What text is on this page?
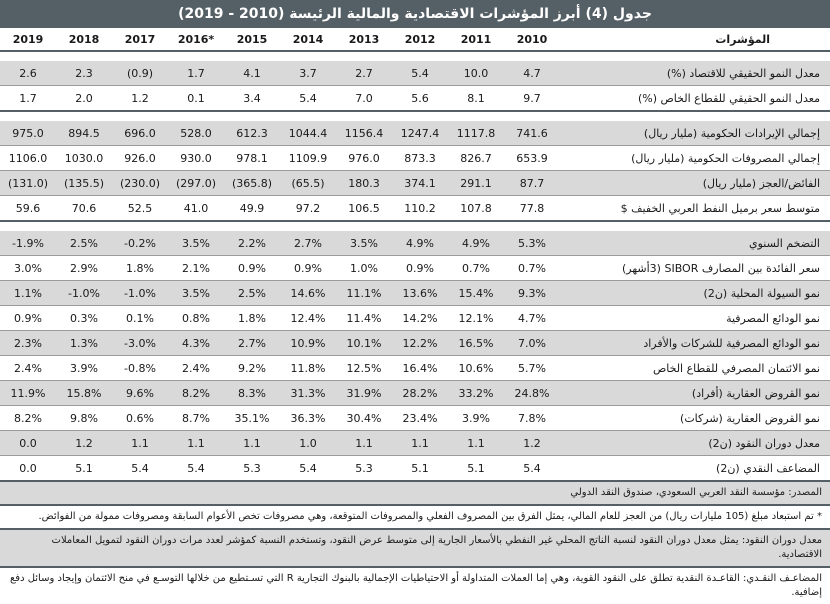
جدول (4) أبرز المؤشرات الاقتصادية والمالية الرئيسة (2010 - 2019)
2019	2018	2017	2016*	2015	2014	2013	2012	2011	2010	المؤشرات

2.6	2.3	(0.9)	1.7	4.1	3.7	2.7	5.4	10.0	4.7	معدل النمو الحقيقي للاقتصاد (%)
1.7	2.0	1.2	0.1	3.4	5.4	7.0	5.6	8.1	9.7	معدل النمو الحقيقي للقطاع الخاص (%)

975.0	894.5	696.0	528.0	612.3	1044.4	1156.4	1247.4	1117.8	741.6	إجمالي الإيرادات الحكومية (مليار ريال)
1106.0	1030.0	926.0	930.0	978.1	1109.9	976.0	873.3	826.7	653.9	إجمالي المصروفات الحكومية (مليار ريال)
(131.0)	(135.5)	(230.0)	(297.0)	(365.8)	(65.5)	180.3	374.1	291.1	87.7	الفائض/العجز (مليار ريال)
59.6	70.6	52.5	41.0	49.9	97.2	106.5	110.2	107.8	77.8	متوسط سعر برميل النفط العربي الخفيف $

-1.9%	2.5%	-0.2%	3.5%	2.2%	2.7%	3.5%	4.9%	4.9%	5.3%	التضخم السنوي
3.0%	2.9%	1.8%	2.1%	0.9%	0.9%	1.0%	0.9%	0.7%	0.7%	سعر الفائدة بين المصارف SIBOR (3أشهر)
1.1%	-1.0%	-1.0%	3.5%	2.5%	14.6%	11.1%	13.6%	15.4%	9.3%	نمو السيولة المحلية (ن2)
0.9%	0.3%	0.1%	0.8%	1.8%	12.4%	11.4%	14.2%	12.1%	4.7%	نمو الودائع المصرفية
2.3%	1.3%	-3.0%	4.3%	2.7%	10.9%	10.1%	12.2%	16.5%	7.0%	نمو الودائع المصرفية للشركات والأفراد
2.4%	3.9%	-0.8%	2.4%	9.2%	11.8%	12.5%	16.4%	10.6%	5.7%	نمو الائتمان المصرفي للقطاع الخاص
11.9%	15.8%	9.6%	8.2%	8.3%	31.3%	31.9%	28.2%	33.2%	24.8%	نمو القروض العقارية (أفراد)
8.2%	9.8%	0.6%	8.7%	35.1%	36.3%	30.4%	23.4%	3.9%	7.8%	نمو القروض العقارية (شركات)
0.0	1.2	1.1	1.1	1.1	1.0	1.1	1.1	1.1	1.2	معدل دوران النقود (ن2)
0.0	5.1	5.4	5.4	5.3	5.4	5.3	5.1	5.1	5.4	المضاعف النقدي (ن2)
المصدر: مؤسسة النقد العربي السعودي، صندوق النقد الدولي
* تم استبعاد مبلغ (105 مليارات ريال) من العجز للعام المالي، يمثل الفرق بين المصروف الفعلي والمصروفات المتوقعة، وهي مصروفات تخص الأعوام السابقة ومصروفات ممولة من الفوائض.
معدل دوران النقود: يمثل معدل دوران النقود لنسبة الناتج المحلي غير النفطي بالأسعار الجارية إلى متوسط عرض النقود، وتستخدم النسبة كمؤشر لعدد مرات دوران النقود لتمويل المعاملات الاقتصادية.
المضاعـف النقـدي: القاعـدة النقدية تطلق على النقود القوية، وهي إما العملات المتداولة أو الاحتياطيات الإجمالية بالبنوك التجارية R التي تسـتطيع من خلالها التوسـع في منح الائتمان وإيجاد وسائل دفع إضافية.
